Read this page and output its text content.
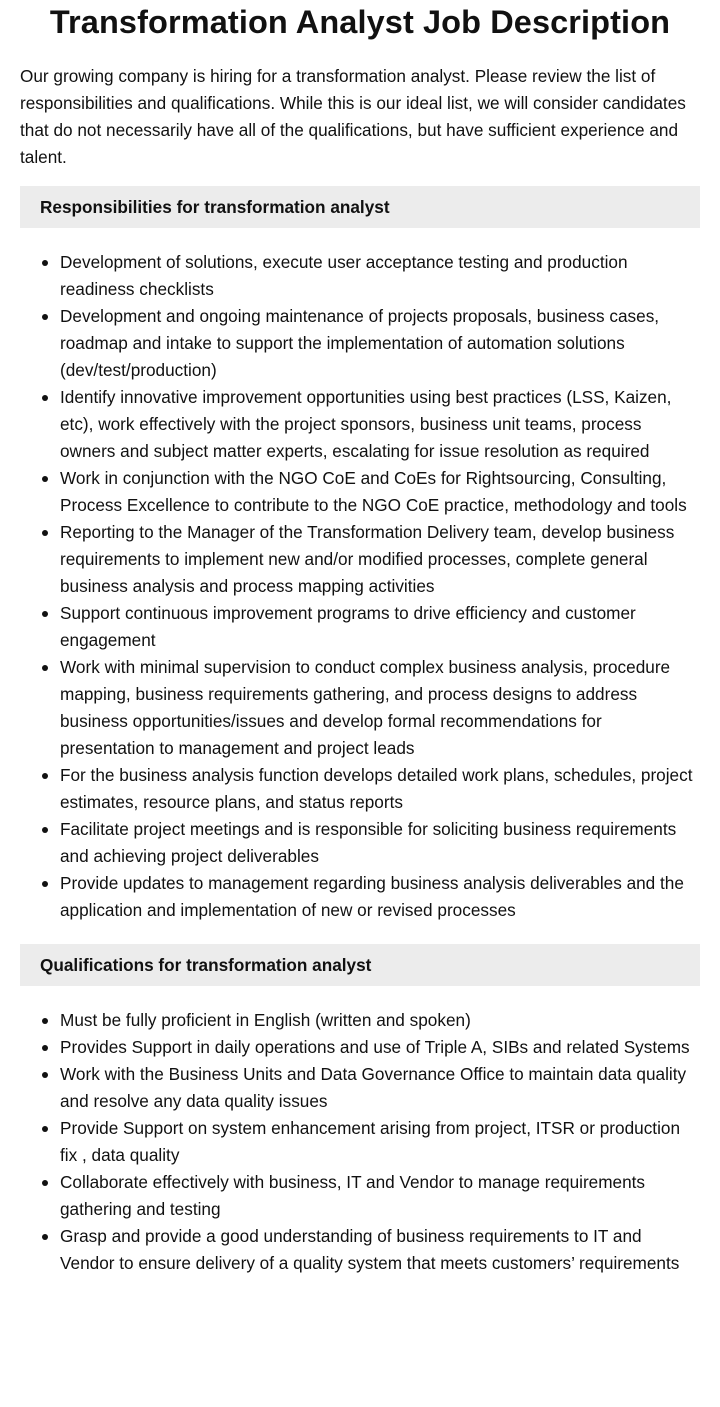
Transformation Analyst Job Description

Our growing company is hiring for a transformation analyst. Please review the list of responsibilities and qualifications. While this is our ideal list, we will consider candidates that do not necessarily have all of the qualifications, but have sufficient experience and talent.

Responsibilities for transformation analyst
Development of solutions, execute user acceptance testing and production readiness checklists
Development and ongoing maintenance of projects proposals, business cases, roadmap and intake to support the implementation of automation solutions (dev/test/production)
Identify innovative improvement opportunities using best practices (LSS, Kaizen, etc), work effectively with the project sponsors, business unit teams, process owners and subject matter experts, escalating for issue resolution as required
Work in conjunction with the NGO CoE and CoEs for Rightsourcing, Consulting, Process Excellence to contribute to the NGO CoE practice, methodology and tools
Reporting to the Manager of the Transformation Delivery team, develop business requirements to implement new and/or modified processes, complete general business analysis and process mapping activities
Support continuous improvement programs to drive efficiency and customer engagement
Work with minimal supervision to conduct complex business analysis, procedure mapping, business requirements gathering, and process designs to address business opportunities/issues and develop formal recommendations for presentation to management and project leads
For the business analysis function develops detailed work plans, schedules, project estimates, resource plans, and status reports
Facilitate project meetings and is responsible for soliciting business requirements and achieving project deliverables
Provide updates to management regarding business analysis deliverables and the application and implementation of new or revised processes
Qualifications for transformation analyst
Must be fully proficient in English (written and spoken)
Provides Support in daily operations and use of Triple A, SIBs and related Systems
Work with the Business Units and Data Governance Office to maintain data quality and resolve any data quality issues
Provide Support on system enhancement arising from project, ITSR or production fix , data quality
Collaborate effectively with business, IT and Vendor to manage requirements gathering and testing
Grasp and provide a good understanding of business requirements to IT and Vendor to ensure delivery of a quality system that meets customers’ requirements
